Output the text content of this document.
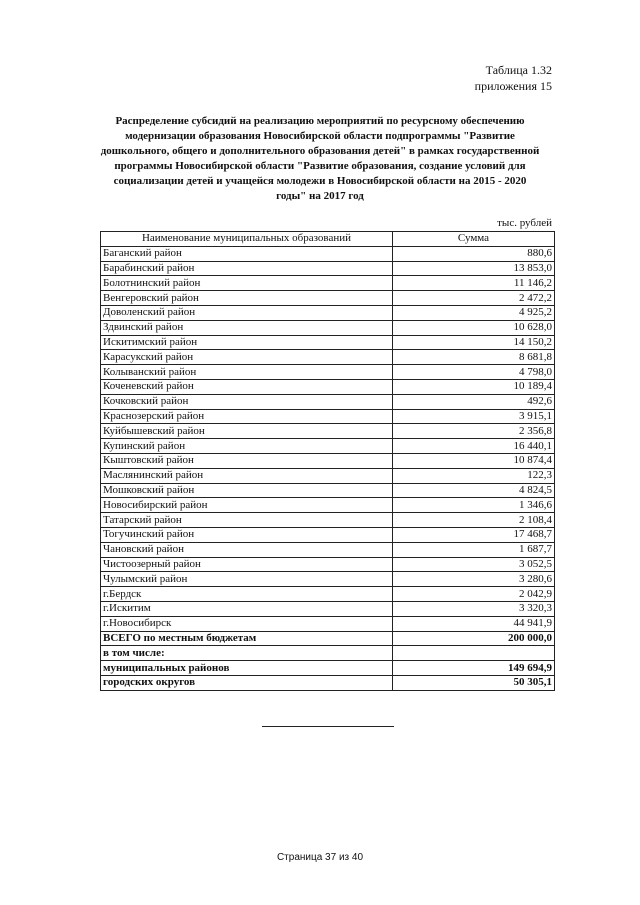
Таблица 1.32
приложения 15
Распределение субсидий на реализацию мероприятий по ресурсному обеспечению модернизации образования Новосибирской области подпрограммы "Развитие дошкольного, общего и дополнительного образования детей" в рамках государственной программы Новосибирской области "Развитие образования, создание условий для социализации детей и учащейся молодежи в Новосибирской области на 2015 - 2020 годы" на 2017 год
тыс. рублей
Наименование муниципальных образований	Сумма
Баганский район	880,6
Барабинский район	13 853,0
Болотнинский район	11 146,2
Венгеровский район	2 472,2
Доволенский район	4 925,2
Здвинский район	10 628,0
Искитимский район	14 150,2
Карасукский район	8 681,8
Колыванский район	4 798,0
Коченевский район	10 189,4
Кочковский район	492,6
Краснозерский район	3 915,1
Куйбышевский район	2 356,8
Купинский район	16 440,1
Кыштовский район	10 874,4
Маслянинский район	122,3
Мошковский район	4 824,5
Новосибирский район	1 346,6
Татарский район	2 108,4
Тогучинский район	17 468,7
Чановский район	1 687,7
Чистоозерный район	3 052,5
Чулымский район	3 280,6
г.Бердск	2 042,9
г.Искитим	3 320,3
г.Новосибирск	44 941,9
ВСЕГО по местным бюджетам	200 000,0
в том числе:	
муниципальных районов	149 694,9
городских округов	50 305,1
Страница 37 из 40
